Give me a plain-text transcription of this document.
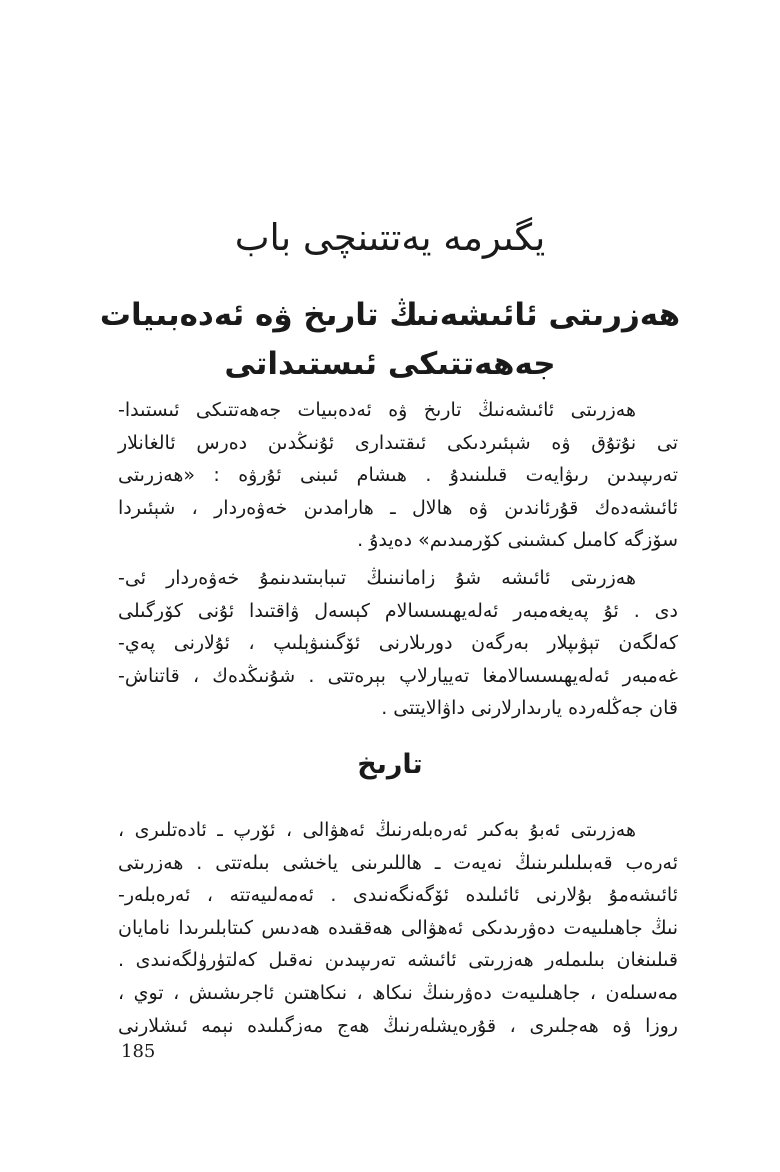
يگىرمە يەتتىنچى باب
هەزرىتى ئائىشەنىڭ تارىخ ۋە ئەدەبىيات
جەھەتتىكى ئىستىداتى
هەزرىتى ئائىشەنىڭ تارىخ ۋە ئەدەبىيات جەھەتتىكى ئىستىدا-
تى نۇتۇق ۋە شېئىردىكى ئىقتىدارى ئۇنىڭدىن دەرس ئالغانلار
تەرىپىدىن رىۋايەت قىلىنىدۇ . هىشام ئىبنى ئۇرۋە : «هەزرىتى
ئائىشەدەك قۇرئاندىن ۋە هالال ـ هارامدىن خەۋەردار ، شېئىردا
سۆزگە كامىل كىشىنى كۆرمىدىم» دەيدۇ .
هەزرىتى ئائىشە شۇ زامانىنىڭ تىبابىتىدىنمۇ خەۋەردار ئى-
دى . ئۇ پەيغەمبەر ئەلەيھىسسالام كېسەل ۋاقتىدا ئۇنى كۆرگىلى
كەلگەن تېۋىپلار بەرگەن دورىلارنى ئۆگىنىۋېلىپ ، ئۇلارنى پەي-
غەمبەر ئەلەيھىسسالامغا تەييارلاپ بېرەتتى . شۇنىڭدەك ، قاتناش-
قان جەڭلەردە يارىدارلارنى داۋالايتتى .
تارىخ
هەزرىتى ئەبۇ بەكىر ئەرەبلەرنىڭ ئەھۋالى ، ئۆرپ ـ ئادەتلىرى ،
ئەرەب قەبىلىلىرىنىڭ نەيەت ـ هاللىرىنى ياخشى بىلەتتى . هەزرىتى
ئائىشەمۇ بۇلارنى ئائىلىدە ئۆگەنگەنىدى . ئەمەلىيەتتە ، ئەرەبلەر-
نىڭ جاھىلىيەت دەۋرىدىكى ئەھۋالى ھەققىدە ھەدىس كىتابلىرىدا نامايان
قىلىنغان بىلىملەر هەزرىتى ئائىشە تەرىپىدىن نەقىل كەلتۈرۈلگەنىدى .
مەسىلەن ، جاھىلىيەت دەۋرىنىڭ نىكاھ ، نىكاھتىن ئاجرىشىش ، توي ،
روزا ۋە ھەجلىرى ، قۇرەيشلەرنىڭ ھەج مەزگىلىدە نېمە ئىشلارنى
185
